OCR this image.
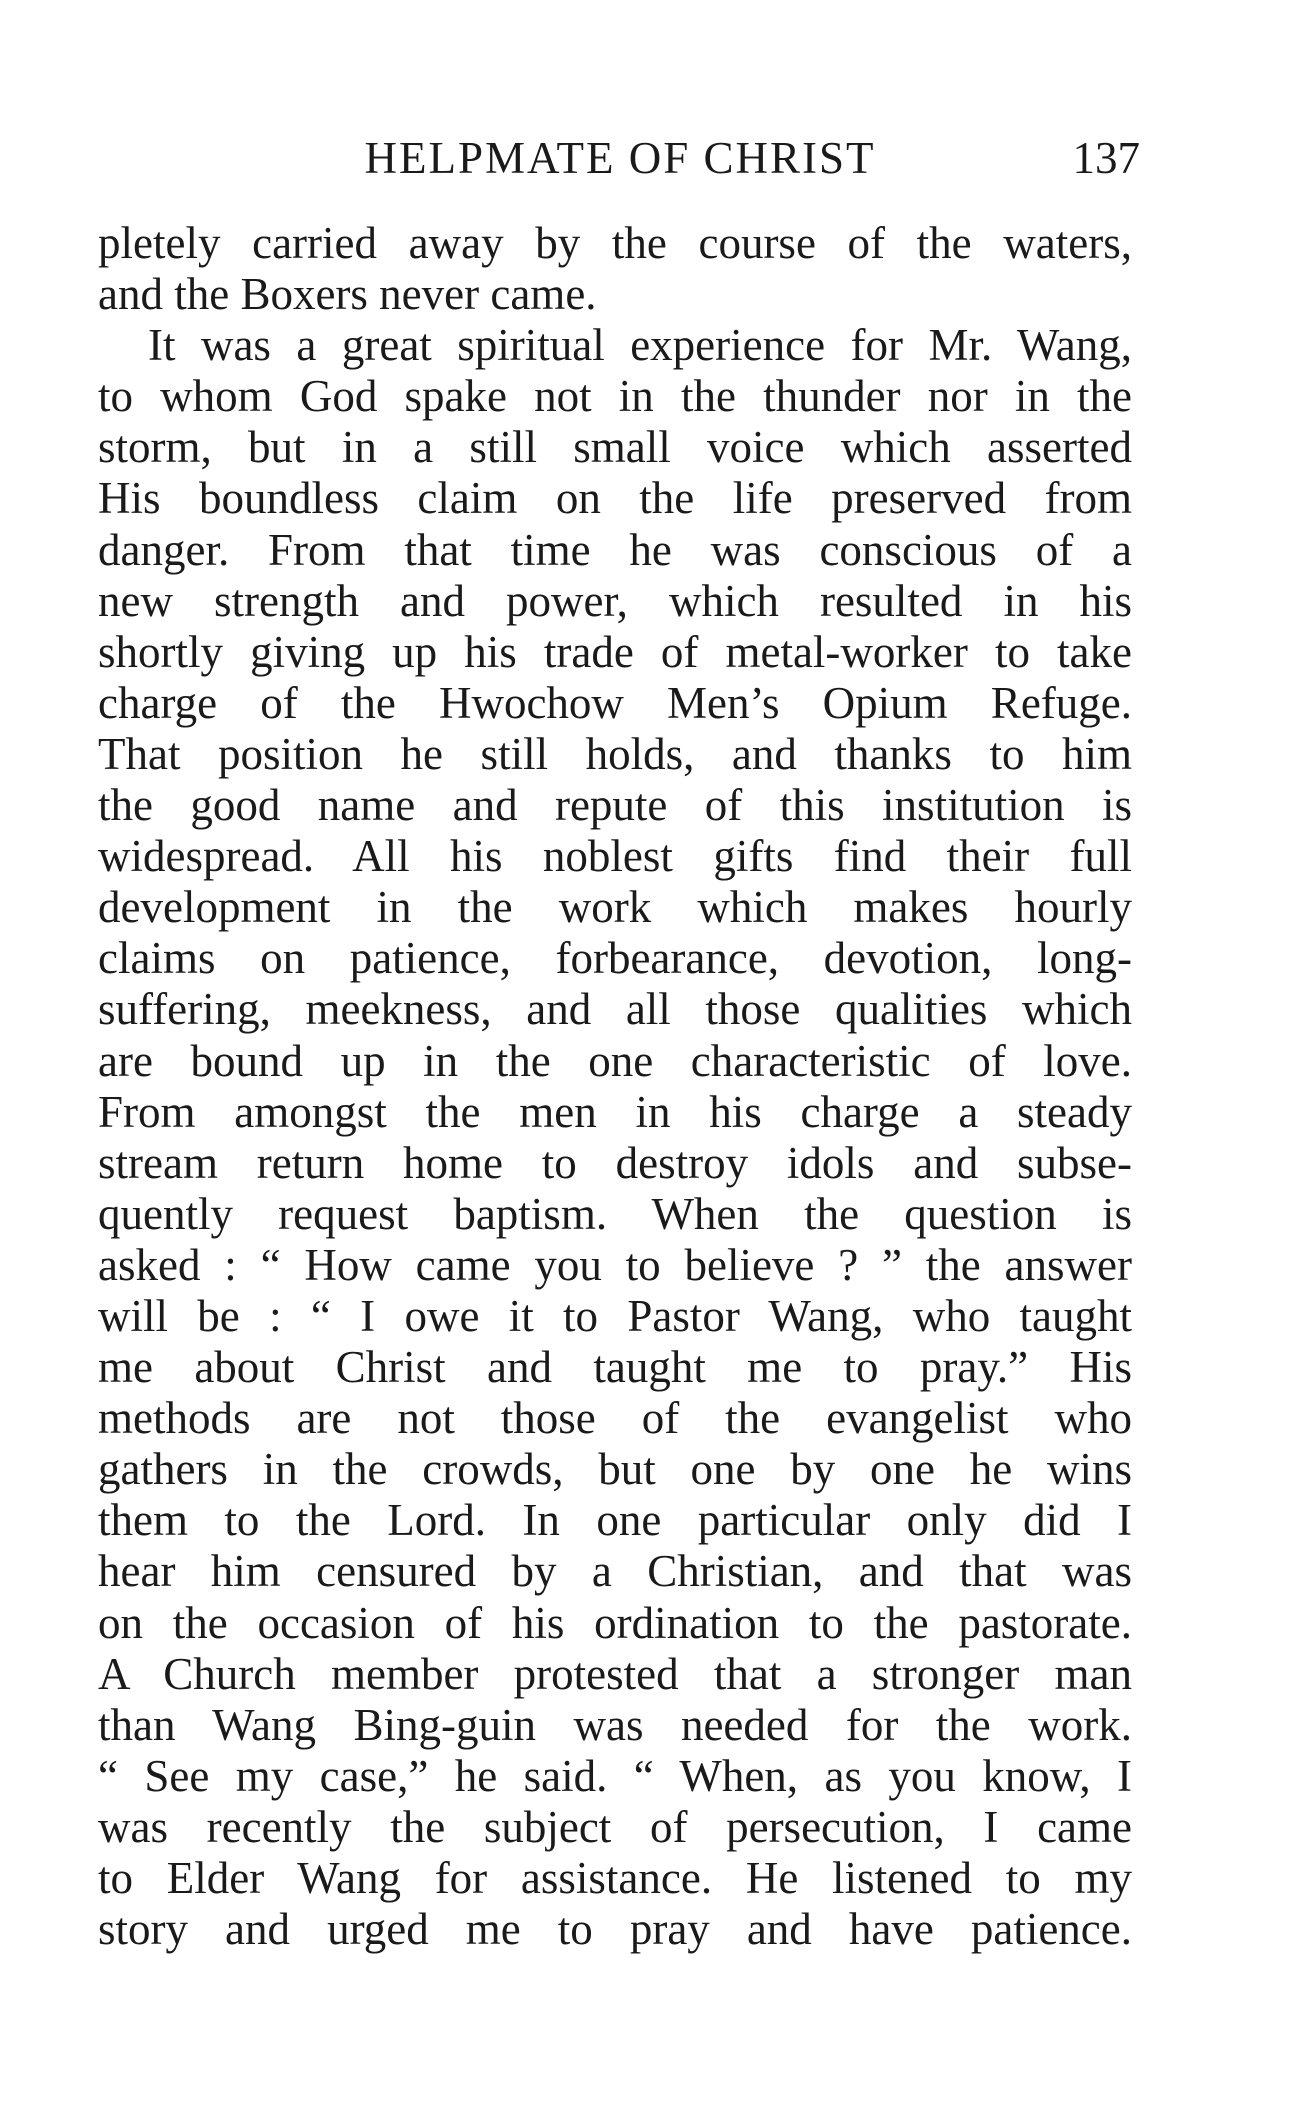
HELPMATE OF CHRIST	137
pletely carried away by the course of the waters,
and the Boxers never came.
It was a great spiritual experience for Mr. Wang,
to whom God spake not in the thunder nor in the
storm, but in a still small voice which asserted
His boundless claim on the life preserved from
danger. From that time he was conscious of a
new strength and power, which resulted in his
shortly giving up his trade of metal-worker to take
charge of the Hwochow Men’s Opium Refuge.
That position he still holds, and thanks to him
the good name and repute of this institution is
widespread. All his noblest gifts find their full
development in the work which makes hourly
claims on patience, forbearance, devotion, long-
suffering, meekness, and all those qualities which
are bound up in the one characteristic of love.
From amongst the men in his charge a steady
stream return home to destroy idols and subse-
quently request baptism. When the question is
asked : “ How came you to believe ? ” the answer
will be : “ I owe it to Pastor Wang, who taught
me about Christ and taught me to pray.” His
methods are not those of the evangelist who
gathers in the crowds, but one by one he wins
them to the Lord. In one particular only did I
hear him censured by a Christian, and that was
on the occasion of his ordination to the pastorate.
A Church member protested that a stronger man
than Wang Bing-guin was needed for the work.
“ See my case,” he said. “ When, as you know, I
was recently the subject of persecution, I came
to Elder Wang for assistance. He listened to my
story and urged me to pray and have patience.
